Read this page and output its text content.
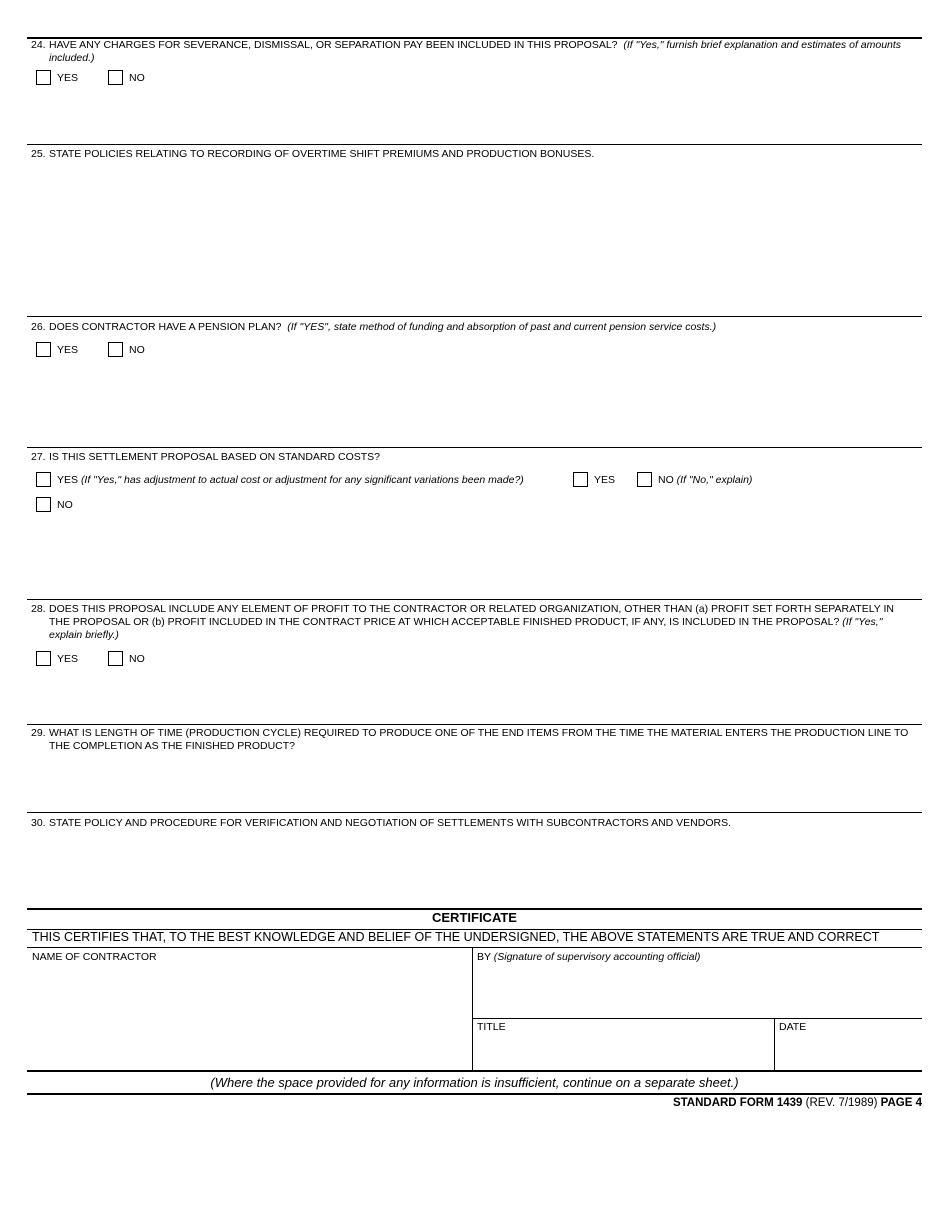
24. HAVE ANY CHARGES FOR SEVERANCE, DISMISSAL, OR SEPARATION PAY BEEN INCLUDED IN THIS PROPOSAL? (If "Yes," furnish brief explanation and estimates of amounts included.)
YES	NO
25. STATE POLICIES RELATING TO RECORDING OF OVERTIME SHIFT PREMIUMS AND PRODUCTION BONUSES.
26. DOES CONTRACTOR HAVE A PENSION PLAN? (If "YES", state method of funding and absorption of past and current pension service costs.)
YES	NO
27. IS THIS SETTLEMENT PROPOSAL BASED ON STANDARD COSTS?
YES (If "Yes," has adjustment to actual cost or adjustment for any significant variations been made?)	YES	NO (If "No," explain)
NO
28. DOES THIS PROPOSAL INCLUDE ANY ELEMENT OF PROFIT TO THE CONTRACTOR OR RELATED ORGANIZATION, OTHER THAN (a) PROFIT SET FORTH SEPARATELY IN THE PROPOSAL OR (b) PROFIT INCLUDED IN THE CONTRACT PRICE AT WHICH ACCEPTABLE FINISHED PRODUCT, IF ANY, IS INCLUDED IN THE PROPOSAL? (If "Yes," explain briefly.)
YES	NO
29. WHAT IS LENGTH OF TIME (PRODUCTION CYCLE) REQUIRED TO PRODUCE ONE OF THE END ITEMS FROM THE TIME THE MATERIAL ENTERS THE PRODUCTION LINE TO THE COMPLETION AS THE FINISHED PRODUCT?
30. STATE POLICY AND PROCEDURE FOR VERIFICATION AND NEGOTIATION OF SETTLEMENTS WITH SUBCONTRACTORS AND VENDORS.
CERTIFICATE
THIS CERTIFIES THAT, TO THE BEST KNOWLEDGE AND BELIEF OF THE UNDERSIGNED, THE ABOVE STATEMENTS ARE TRUE AND CORRECT
NAME OF CONTRACTOR	BY (Signature of supervisory accounting official)
TITLE	DATE
(Where the space provided for any information is insufficient, continue on a separate sheet.)
STANDARD FORM 1439 (REV. 7/1989) PAGE 4
